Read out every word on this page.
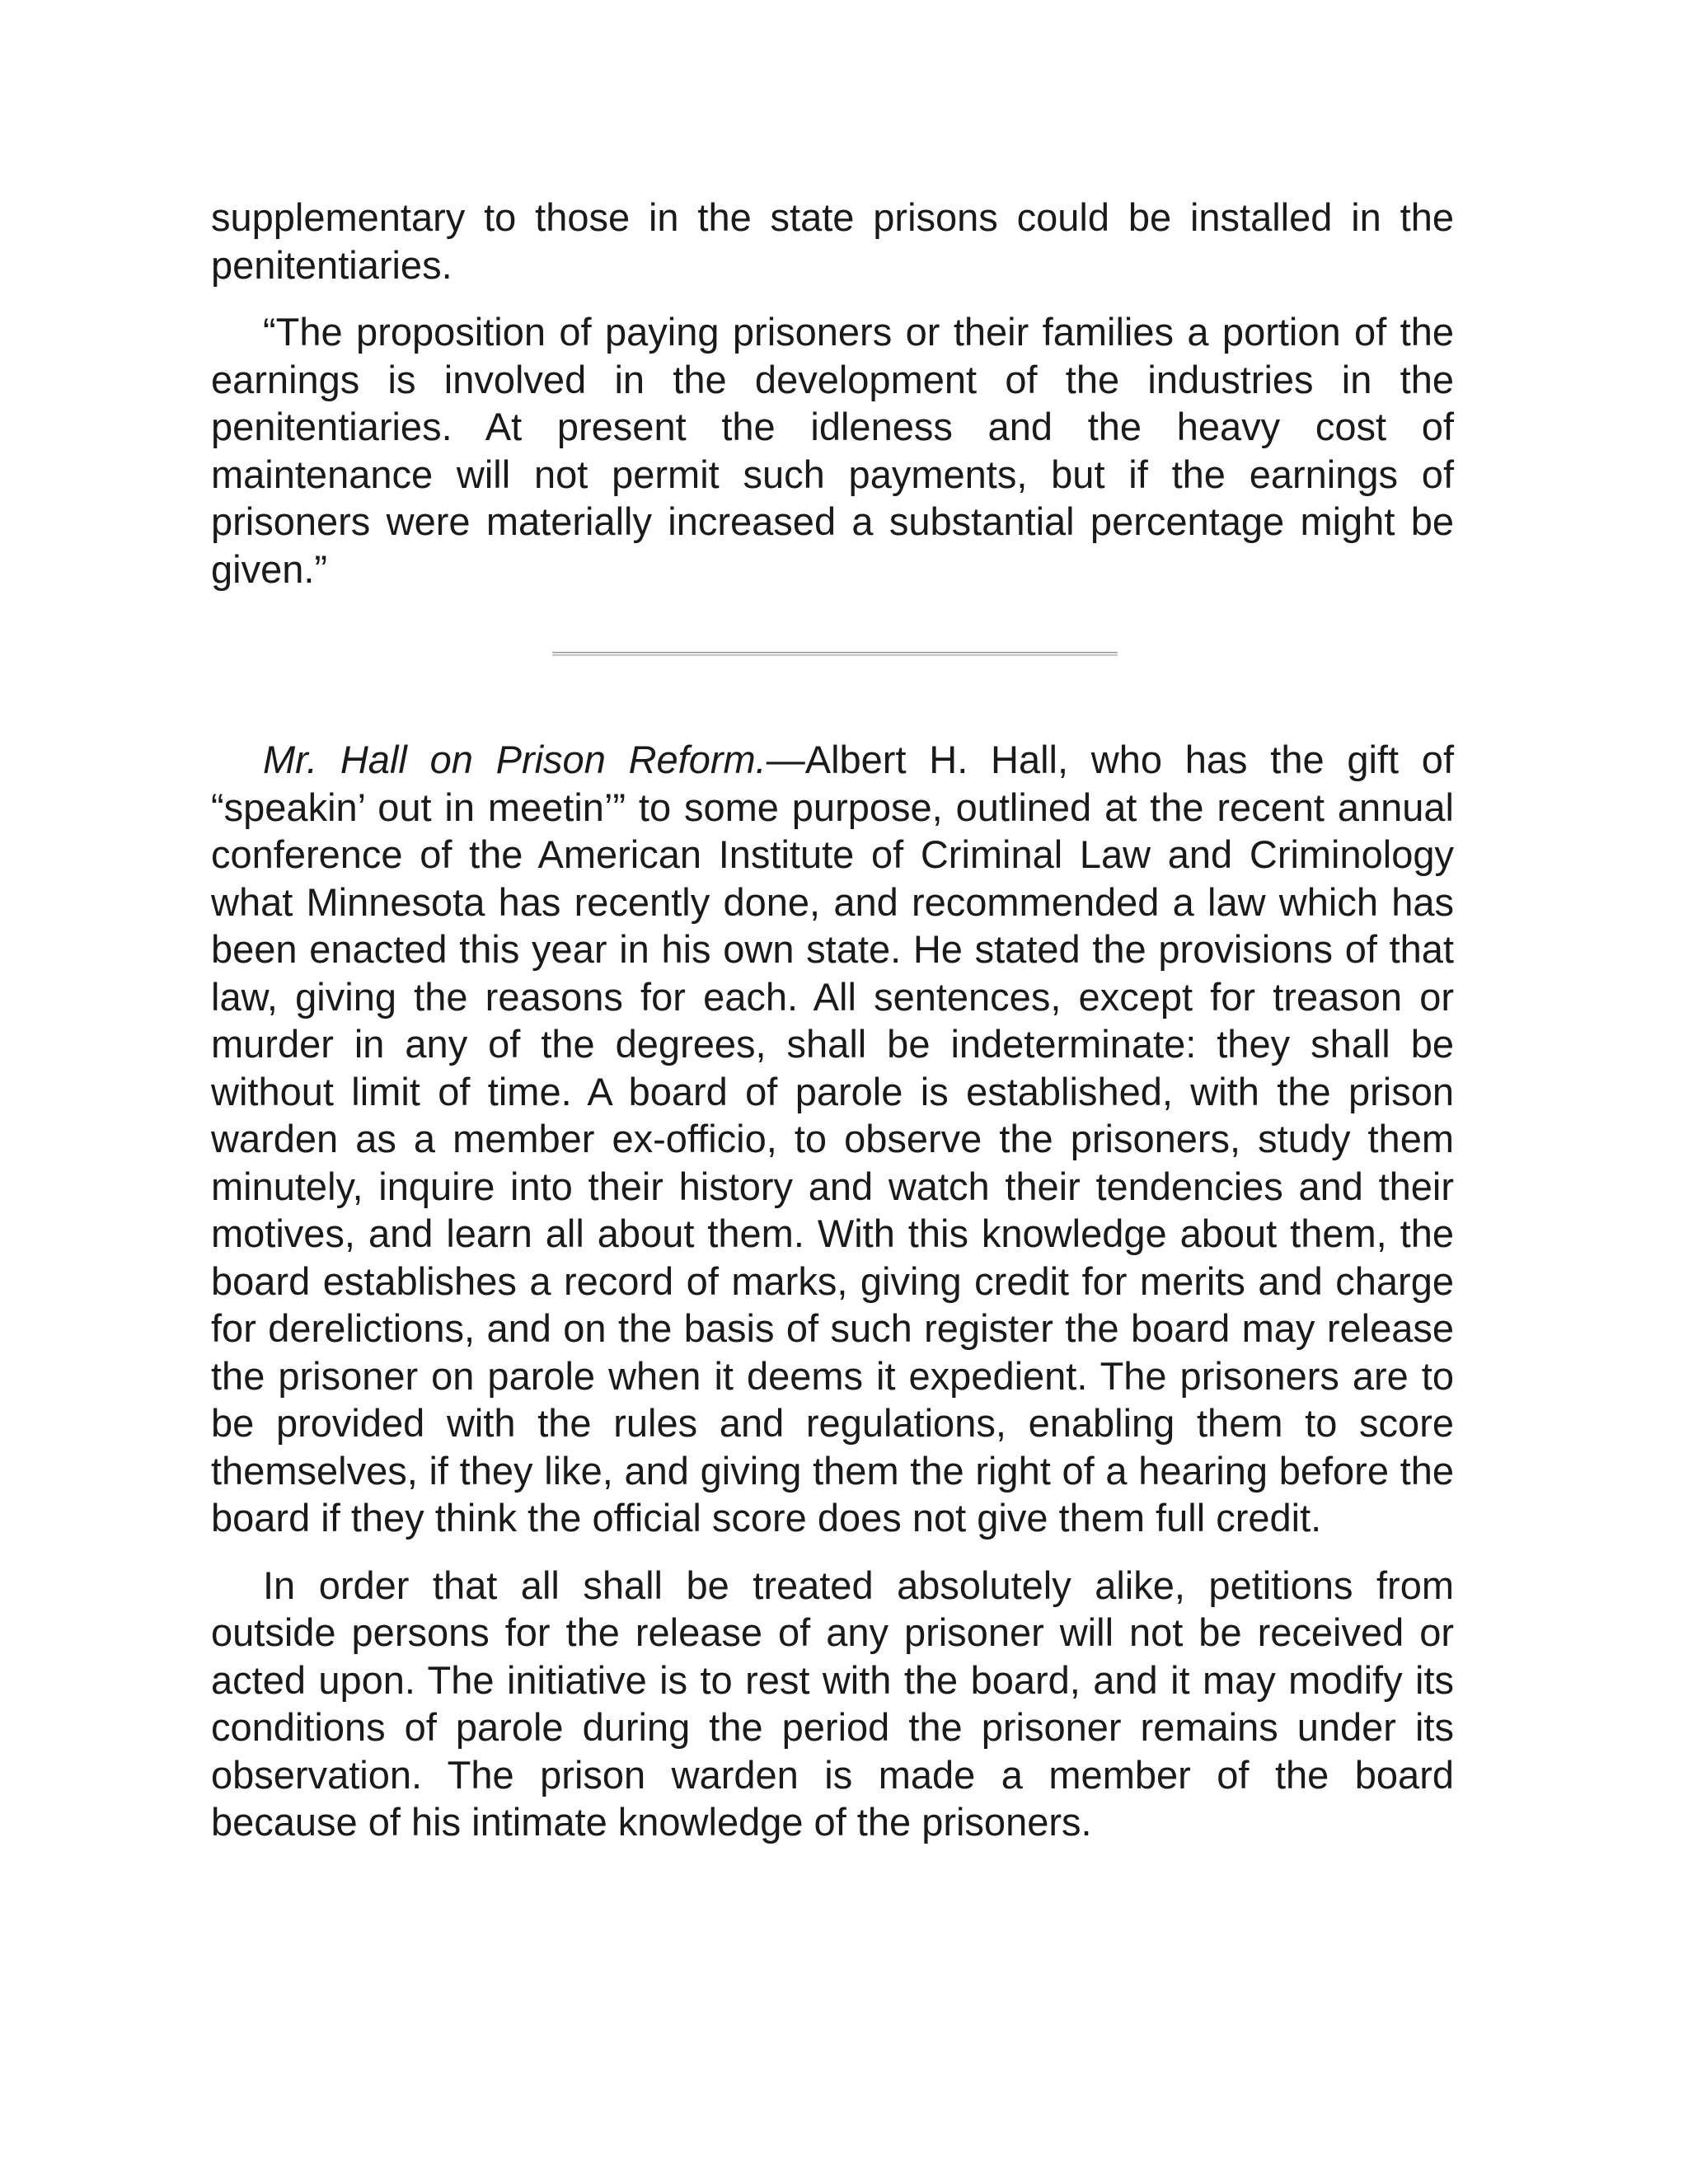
supplementary to those in the state prisons could be installed in the penitentiaries.

“The proposition of paying prisoners or their families a portion of the earnings is involved in the development of the industries in the penitentiaries. At present the idleness and the heavy cost of maintenance will not permit such payments, but if the earnings of prisoners were materially increased a substantial percentage might be given.”

Mr. Hall on Prison Reform.—Albert H. Hall, who has the gift of “speakin’ out in meetin’” to some purpose, outlined at the recent annual conference of the American Institute of Criminal Law and Criminology what Minnesota has recently done, and recommended a law which has been enacted this year in his own state. He stated the provisions of that law, giving the reasons for each. All sentences, except for treason or murder in any of the degrees, shall be indeterminate: they shall be without limit of time. A board of parole is established, with the prison warden as a member ex-officio, to observe the prisoners, study them minutely, inquire into their history and watch their tendencies and their motives, and learn all about them. With this knowledge about them, the board establishes a record of marks, giving credit for merits and charge for derelictions, and on the basis of such register the board may release the prisoner on parole when it deems it expedient. The prisoners are to be provided with the rules and regulations, enabling them to score themselves, if they like, and giving them the right of a hearing before the board if they think the official score does not give them full credit.

In order that all shall be treated absolutely alike, petitions from outside persons for the release of any prisoner will not be received or acted upon. The initiative is to rest with the board, and it may modify its conditions of parole during the period the prisoner remains under its observation. The prison warden is made a member of the board because of his intimate knowledge of the prisoners.
